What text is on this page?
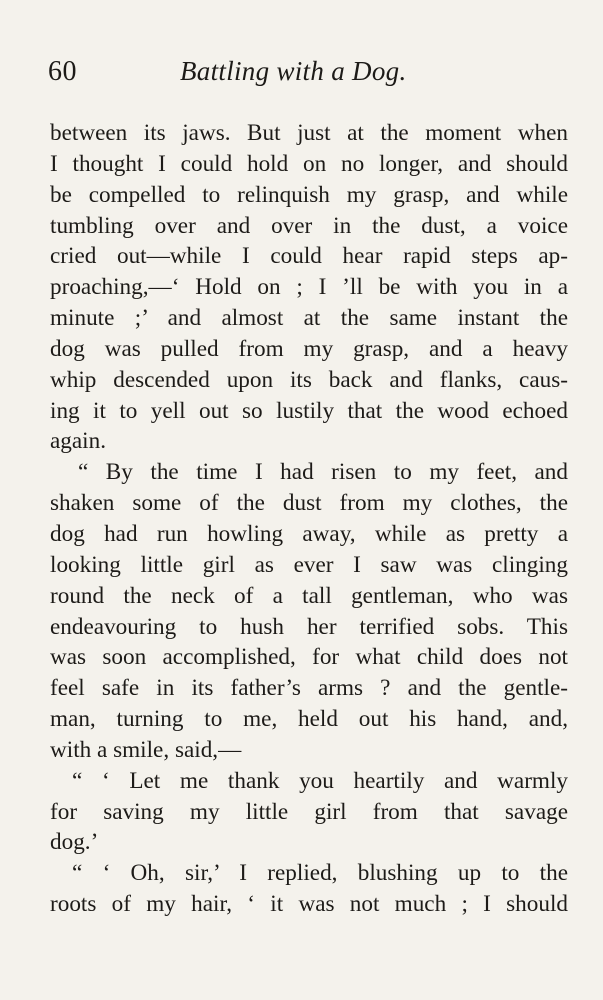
60	Battling with a Dog.
between its jaws. But just at the moment when
I thought I could hold on no longer, and should
be compelled to relinquish my grasp, and while
tumbling over and over in the dust, a voice
cried out—while I could hear rapid steps ap-
proaching,—‘ Hold on ; I ’ll be with you in a
minute ;’ and almost at the same instant the
dog was pulled from my grasp, and a heavy
whip descended upon its back and flanks, caus-
ing it to yell out so lustily that the wood echoed
again.
“ By the time I had risen to my feet, and
shaken some of the dust from my clothes, the
dog had run howling away, while as pretty a
looking little girl as ever I saw was clinging
round the neck of a tall gentleman, who was
endeavouring to hush her terrified sobs. This
was soon accomplished, for what child does not
feel safe in its father’s arms ? and the gentle-
man, turning to me, held out his hand, and,
with a smile, said,—
“ ‘ Let me thank you heartily and warmly
for saving my little girl from that savage
dog.’
“ ‘ Oh, sir,’ I replied, blushing up to the
roots of my hair, ‘ it was not much ; I should
